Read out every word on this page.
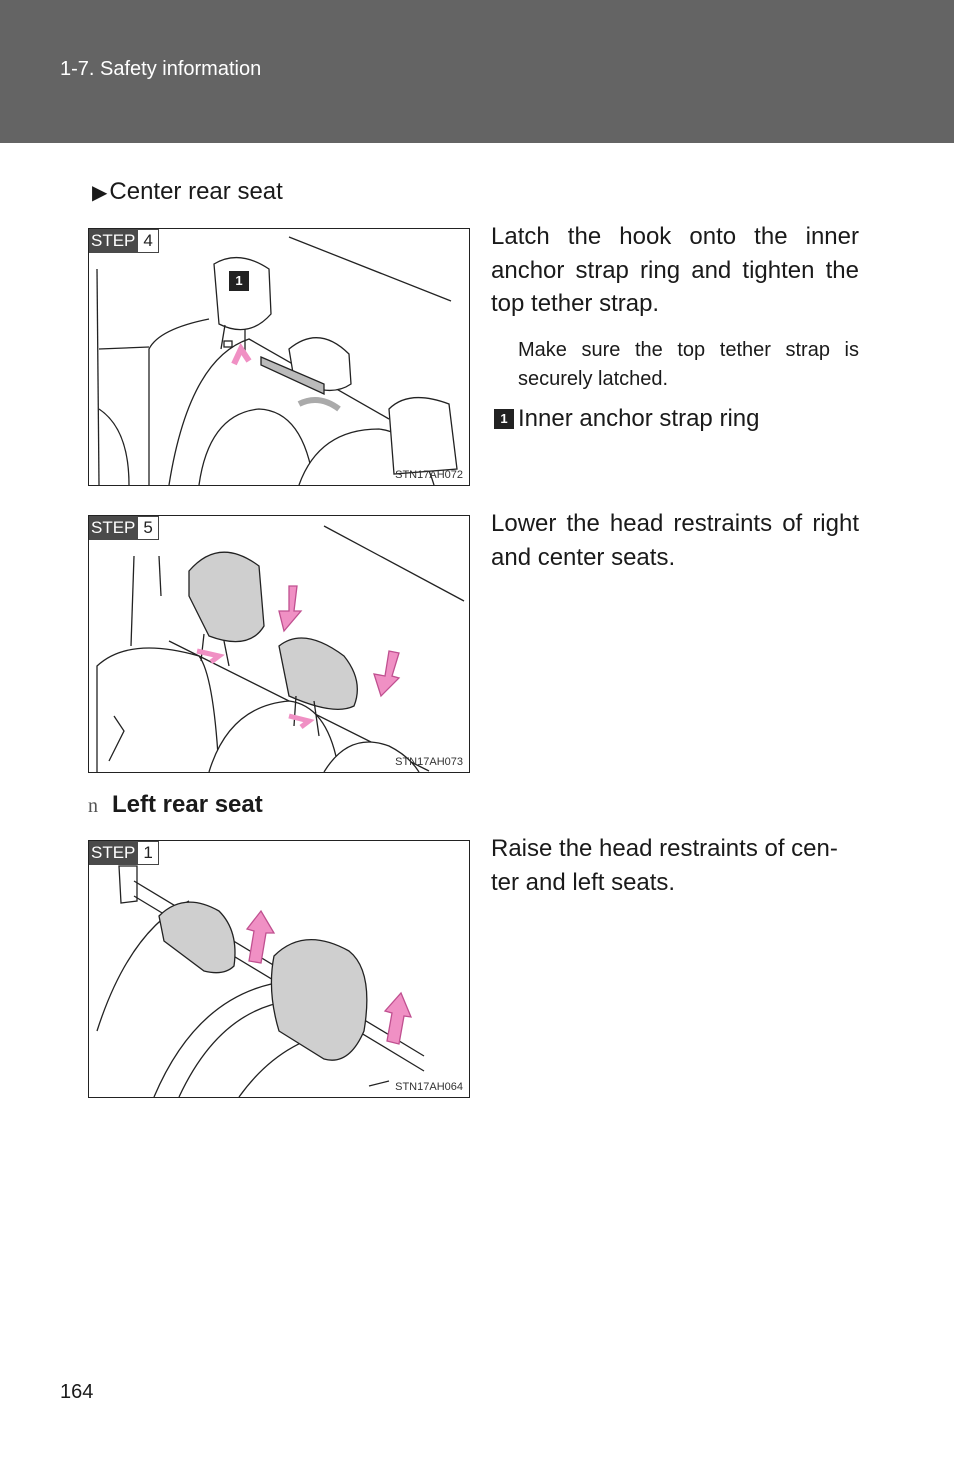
1-7. Safety information
▶Center rear seat
STEP 4
1
STN17AH072
Latch the hook onto the inner anchor strap ring and tighten the top tether strap.
Make sure the top tether strap is securely latched.
1 Inner anchor strap ring
STEP 5
STN17AH073
Lower the head restraints of right and center seats.
n Left rear seat
STEP 1
STN17AH064
Raise the head restraints of cen-ter and left seats.
164
